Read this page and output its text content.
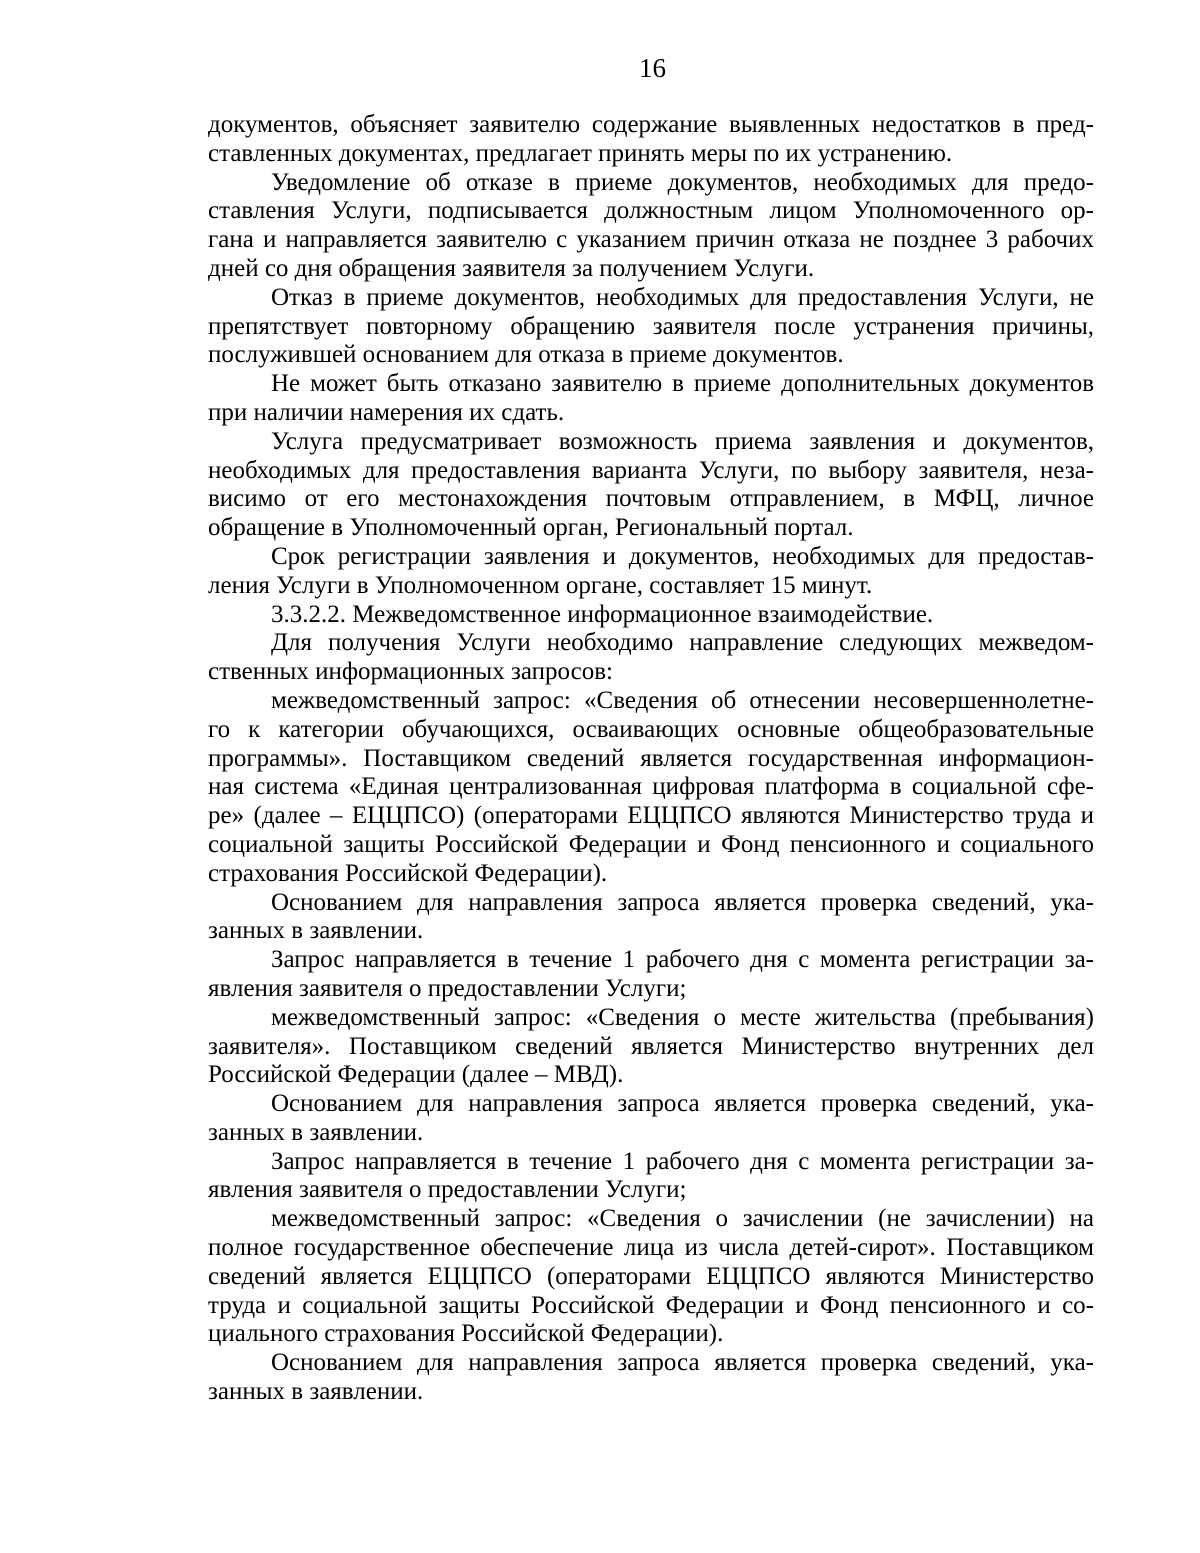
16

документов, объясняет заявителю содержание выявленных недостатков в пред-
ставленных документах, предлагает принять меры по их устранению.

Уведомление об отказе в приеме документов, необходимых для предо-
ставления Услуги, подписывается должностным лицом Уполномоченного ор-
гана и направляется заявителю с указанием причин отказа не позднее 3 рабочих
дней со дня обращения заявителя за получением Услуги.

Отказ в приеме документов, необходимых для предоставления Услуги, не
препятствует повторному обращению заявителя после устранения причины,
послужившей основанием для отказа в приеме документов.

Не может быть отказано заявителю в приеме дополнительных документов
при наличии намерения их сдать.

Услуга предусматривает возможность приема заявления и документов,
необходимых для предоставления варианта Услуги, по выбору заявителя, неза-
висимо от его местонахождения почтовым отправлением, в МФЦ, личное
обращение в Уполномоченный орган, Региональный портал.

Срок регистрации заявления и документов, необходимых для предостав-
ления Услуги в Уполномоченном органе, составляет 15 минут.

3.3.2.2. Межведомственное информационное взаимодействие.

Для получения Услуги необходимо направление следующих межведом-
ственных информационных запросов:

межведомственный запрос: «Сведения об отнесении несовершеннолетне-
го к категории обучающихся, осваивающих основные общеобразовательные
программы». Поставщиком сведений является государственная информацион-
ная система «Единая централизованная цифровая платформа в социальной сфе-
ре» (далее – ЕЦЦПСО) (операторами ЕЦЦПСО являются Министерство труда и
социальной защиты Российской Федерации и Фонд пенсионного и социального
страхования Российской Федерации).

Основанием для направления запроса является проверка сведений, ука-
занных в заявлении.

Запрос направляется в течение 1 рабочего дня с момента регистрации за-
явления заявителя о предоставлении Услуги;

межведомственный запрос: «Сведения о месте жительства (пребывания)
заявителя». Поставщиком сведений является Министерство внутренних дел
Российской Федерации (далее – МВД).

Основанием для направления запроса является проверка сведений, ука-
занных в заявлении.

Запрос направляется в течение 1 рабочего дня с момента регистрации за-
явления заявителя о предоставлении Услуги;

межведомственный запрос: «Сведения о зачислении (не зачислении) на
полное государственное обеспечение лица из числа детей-сирот». Поставщиком
сведений является ЕЦЦПСО (операторами ЕЦЦПСО являются Министерство
труда и социальной защиты Российской Федерации и Фонд пенсионного и со-
циального страхования Российской Федерации).

Основанием для направления запроса является проверка сведений, ука-
занных в заявлении.
